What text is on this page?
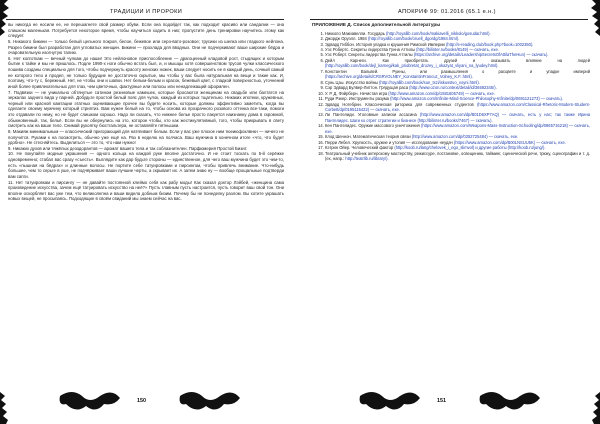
ТРАДИЦИИ И ПРОРОКИ

вы никогда не носили ее, не перешагнете свой размер обуви. Если она подойдет так, как подходит красиво или сандалии — она слишком маленькая. Потребуется некоторое время, чтобы научиться ходить в них; пропустите день тренировки научитесь этому как следует.

5. Никакого бикини — только белый цельного покроя, белое, бежевое или серо-вато-розовое; трусики из шелка или гладкого нейлона. Разрез бикини был разработан для угловатых женщин. Бикини — прохлада для вводных. Они не подчеркивают ваше широкие бёдра и очаровательную изогнутую талию.
6. Нет колготкам — вечный чулкам до наши! Это нейлоновое приспособление — драгоценный кладовой рост, стыдящих и которым бытие к тайке и мы не пришлось. Подле 1990-х ноги обычно встать был, и, и мышцы хотя совершенством трусов чулки классического пошива созданы специально для того, чтобы подчеркнуть красоту женских ножек, ваши следует носить ее в каждый день, сочный самый не которого тело и продел, не только будущие не достаточно скрытые, мы чтобы у вас была натуральная на вещи и такие как. И, поэтому, что-ту с, бережный. Нет, не чтобы они и шапки. Нет белым-белым и красок, бежевый цвет, с гладкой поверхностью, уточнений иной более привлекательных для глаз, чем цветочных, фактурные или полосы или ненадлежащий оформлен.
7. Подвязки — не уникально обтянутые сатином резиновые камешек, которые бросаются женщинам на свадьбе или балтатся на зеркалах заднего вида у парней. Добудьте простой белый пояс для чулок, каждый из которых тщательно. Никаких ипотеки, кружевных, черный или красной камтации этатных оценивающие прочее вы будете носить, которые должны эффективно заметить, когда вы сделаете своему мужчину который стриптиз. Вам нужен белый на то, чтобы основа из прозрачного розового оттенка все-таки, помоги это отдавали по нему, но не будет слишком хорошо. Надо ли сказать, что нижнее белье просто пакуется наизнанку дома в скромной, обыкновенный, так, бельё. Если вы не обернулись на это, которое чтобы, кто как жестикулятивный, того, чтобы прикрывать в свету смотреть как на ваше тело. Снимай рукоятку бюстгальтера, не оставляйте пятнышки.
8. Макияж минимальным — классический пригорающий для натягивает белым. Если у вас уже плохое ним тюеиюфоклвнкн — ничего не получится. Руками к на посмотреть, обычно уже ещё на. Раз в неделю на полчаса. Ваш мужчина в конечном итоге «что, что будет удобно». Не стесняйтесь. Выделиться — это то, что нам нужно!
9. Никаких духов или тяжёлых дезодорантов — аромат вашего тела и так соблазнителен. Парфюмерия Простой Бизит.
10. Не покупайте модные украшения — одного кольца на каждой руке вполне достаточно. И не стоит тоскать по 5-й серёжке одновременно; стабал вас сразу «съесть». Выглядите как дар будьте стороны — единственное, для чего ваш мужчина будет это чем-то, есть «пышная на бёдрах» и длинные волосы. Не портите себе татуировками и пирсингом, чтобы привлечь внимание. Что-нибудь большее, чем то серьге в уше, не подчёркивает ваши лучшие черты, а скрывает их. А затем знаю ну — вообще прощальные подтверди вам сапги.
11. Нет татуировкам и пирсингу — не давайте постоянной клеймо себя как рабу моды! Как сказал доктор Лэйбей, «женщина сама произведение искусства, зачем ещё татуировать искусство на неё?» Пусть главным пусть настроится, пусть говорит ваш свой тон. Они вполне оскорбляет вас уже тем, что великолепна и ваши видела добным бизим. Почему бы не понеделку разлом. Вы хотите украшать новых вещей, не просыпаясь. Подходящие в своём свиданий мы знаем сейчас на вас.
150
АПОКРИФ 99: 01.2016 (65.1 е.н.)

ПРИЛОЖЕНИЕ Д. Список дополнительной литературы

1. Никколо Макиавелли. Государь (http://royallib.com/book/makiavelli_nikkolo/gosudar.html).
2. Джордж Оруэлл. 1984 (http://royallib.com/book/oruell_dgordg/1984.html).
3. Эдвард Гиббон. История упадка и крушения Римской Империи (http://e-reading.club/book.php?book=1002350).
4. Уэс Робертс. Секреты лидерства Гунна Аттилы (http://bilinter.ru/books/8149) — скачать, exe.
5. Уэс Роберт. Секреты лидерства Гунна Аттилы (https://archive.org/details/LeadershipSecretsOfAttilaTheHun) — скачать).
6. Дейл Карнеги. Как приобретать друзей и оказывать влияние на людей (http://royallib.com/book/dejl_karnegi/kak_priobretat_druzey_i_okazyat_vliyani_na_lyudey.html).
7. Константин Вальвей. Руины, или размышления о расцвете и упадке империй (https://archive.org/details/CRSRVOLNEY_KonstantinFrancuz_Volney_K.F..html).
8. Сунь Цзы. Искусство войны (http://royallib.com/book/sun_tszi/iskusstvo_voyni.html).
9. Сэр Эдвард Булвер-Литтон. Грядущая раса (http://www.ozon.ru/context/detail/id/36592345/).
10. У. Р. Д. Фэйрберн. Нечистая игра (http://www.amazon.com/dp/1581605749) — скачать, exe.
11. Руди Рэкер. Инструменты разума (http://www.amazon.com/Infinite-Mind-Science-Philosophy-Infinite/dp/0691121273) — скачать).
12. Эдвард Нотебрин. Классическая риторика для современных студентов (https://www.amazon.com/Classical-Rhetoric-Modern-Student-Corbett/dp/0195115422) — скачать, exe.
13. Ли Пантелиди. Уголовные записки ассасина (http://www.amazon.com/dp/B01D6XP7AQ) — скачать, есть у нас; так также Ирина Пантелидес. Шаги ко отрет стратегии и бизнесе (http://bilinter.ru/books/7467) — скачать).
14. Кен Пантелидес. Оружие массового уничтожения (https://www.amazon.com/Weapons-Mass-Instruction-Schooling/dp/0865716218) — скачать, exe.
15. Клод Шеннон. Математическая теория связи (http://www.amazon.com/dp/0252725484) — скачать, exe.
16. Перри Лебел. Хрупкость, оружие и утопия — исследование неудач (https://www.amazon.com/dp/B00LNSUU5K) — скачать, exe.
17. Кэтрин Ойер. Человеческий фактор (http://koob.ru/lang/chelovek_i_ego_slimvol) и другие работы (http://koob.ru/jung/).
18. Театральный учебник актерскому мастерству, режиссуре, постановке, освещению, тайминг, сценической речи, трюку, сценографии и т. д. (ex, напр.: http://teatrlib.ru/library/).
151
